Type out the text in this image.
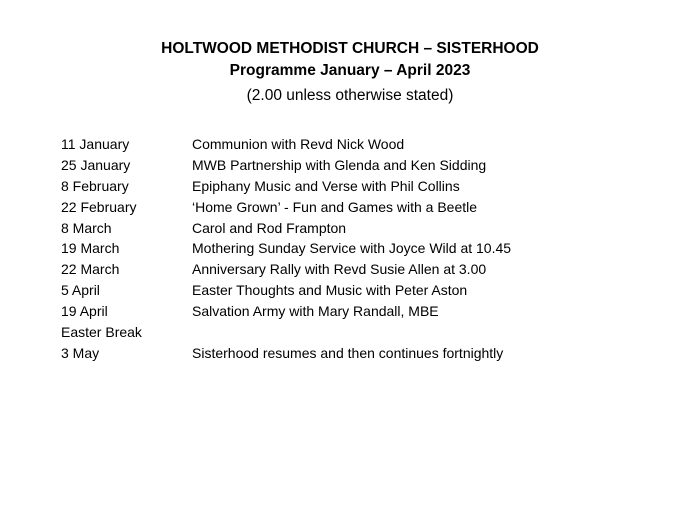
HOLTWOOD METHODIST CHURCH – SISTERHOOD

Programme January – April 2023

(2.00 unless otherwise stated)

11 January	Communion with Revd Nick Wood
25 January	MWB Partnership with Glenda and Ken Sidding
8 February	Epiphany Music and Verse with Phil Collins
22 February	‘Home Grown’ - Fun and Games with a Beetle
8 March	Carol and Rod Frampton
19 March	Mothering Sunday Service with Joyce Wild at 10.45
22 March	Anniversary Rally with Revd Susie Allen at 3.00
5 April	Easter Thoughts and Music with Peter Aston
19 April	Salvation Army with Mary Randall, MBE
Easter Break
3 May	Sisterhood resumes and then continues fortnightly
